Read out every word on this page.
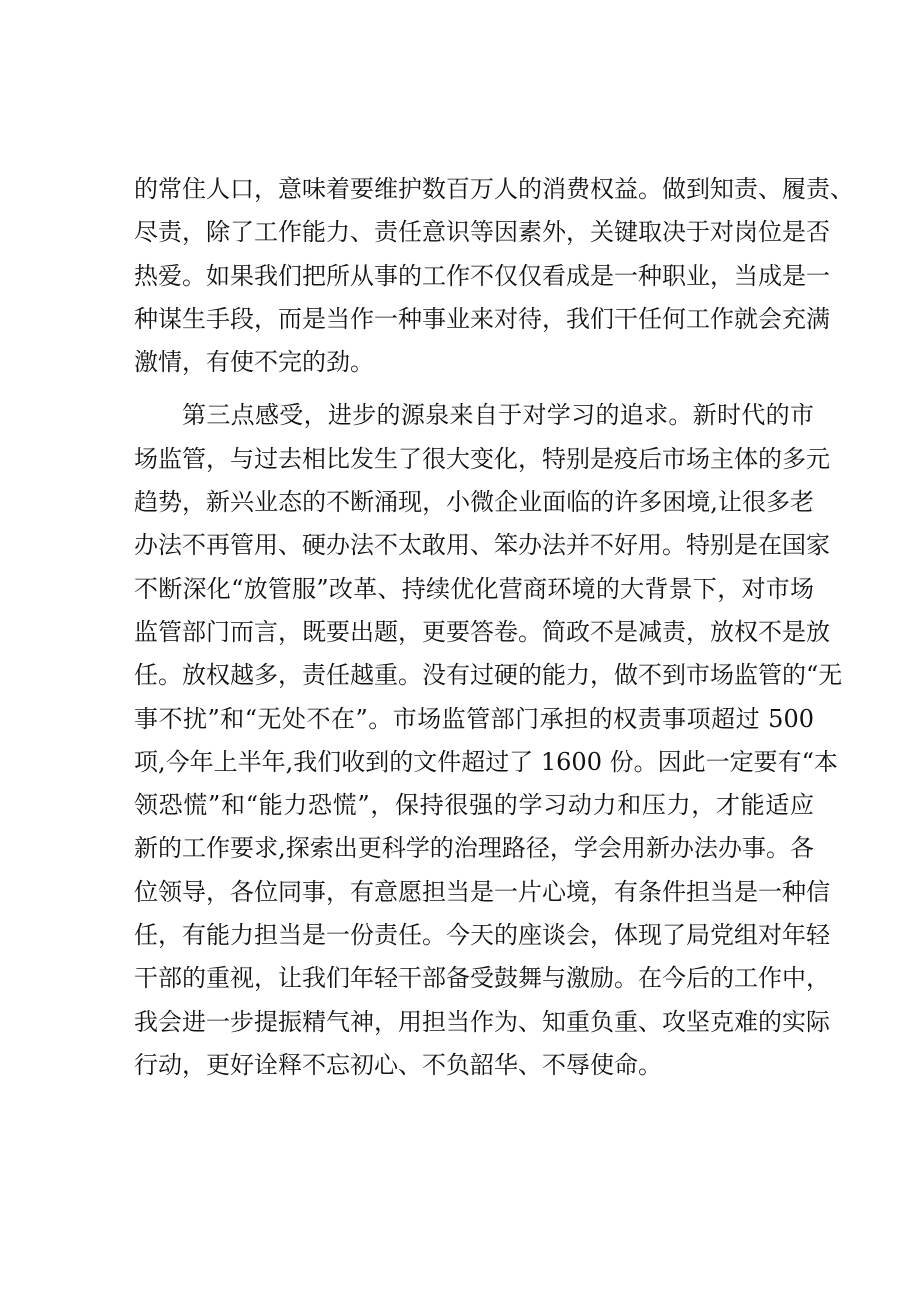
的常住人口，意味着要维护数百万人的消费权益。做到知责、履责、
尽责，除了工作能力、责任意识等因素外，关键取决于对岗位是否
热爱。如果我们把所从事的工作不仅仅看成是一种职业，当成是一
种谋生手段，而是当作一种事业来对待，我们干任何工作就会充满
激情，有使不完的劲。
第三点感受，进步的源泉来自于对学习的追求。新时代的市
场监管，与过去相比发生了很大变化，特别是疫后市场主体的多元
趋势，新兴业态的不断涌现，小微企业面临的许多困境,让很多老
办法不再管用、硬办法不太敢用、笨办法并不好用。特别是在国家
不断深化“放管服”改革、持续优化营商环境的大背景下，对市场
监管部门而言，既要出题，更要答卷。简政不是减责，放权不是放
任。放权越多，责任越重。没有过硬的能力，做不到市场监管的“无
事不扰”和“无处不在”。市场监管部门承担的权责事项超过 500
项,今年上半年,我们收到的文件超过了 1600 份。因此一定要有“本
领恐慌”和“能力恐慌”，保持很强的学习动力和压力，才能适应
新的工作要求,探索出更科学的治理路径，学会用新办法办事。各
位领导，各位同事，有意愿担当是一片心境，有条件担当是一种信
任，有能力担当是一份责任。今天的座谈会，体现了局党组对年轻
干部的重视，让我们年轻干部备受鼓舞与激励。在今后的工作中，
我会进一步提振精气神，用担当作为、知重负重、攻坚克难的实际
行动，更好诠释不忘初心、不负韶华、不辱使命。
